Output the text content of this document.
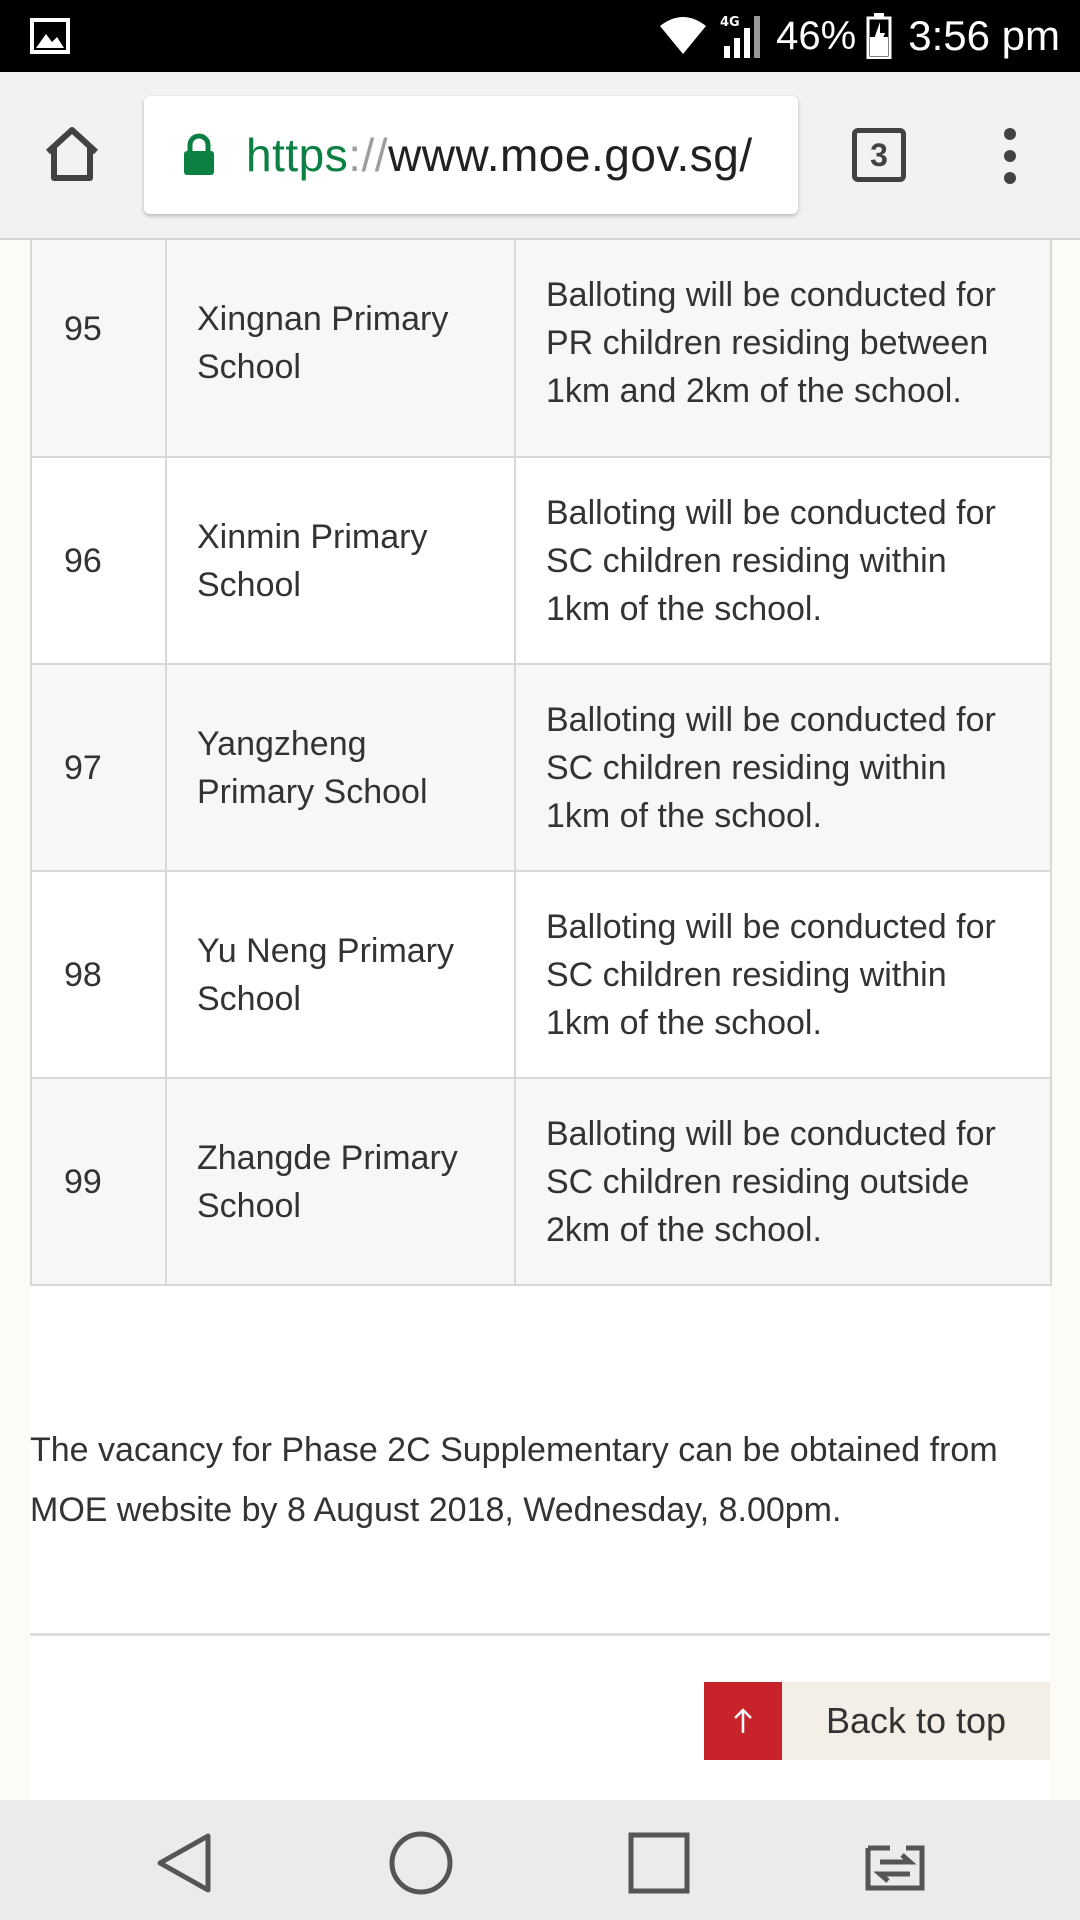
4G 46% 3:56 pm
https://www.moe.gov.sg/	3
95	Xingnan Primary School	Balloting will be conducted for PR children residing between 1km and 2km of the school.
96	Xinmin Primary School	Balloting will be conducted for SC children residing within 1km of the school.
97	Yangzheng Primary School	Balloting will be conducted for SC children residing within 1km of the school.
98	Yu Neng Primary School	Balloting will be conducted for SC children residing within 1km of the school.
99	Zhangde Primary School	Balloting will be conducted for SC children residing outside 2km of the school.

The vacancy for Phase 2C Supplementary can be obtained from MOE website by 8 August 2018, Wednesday, 8.00pm.

Back to top
